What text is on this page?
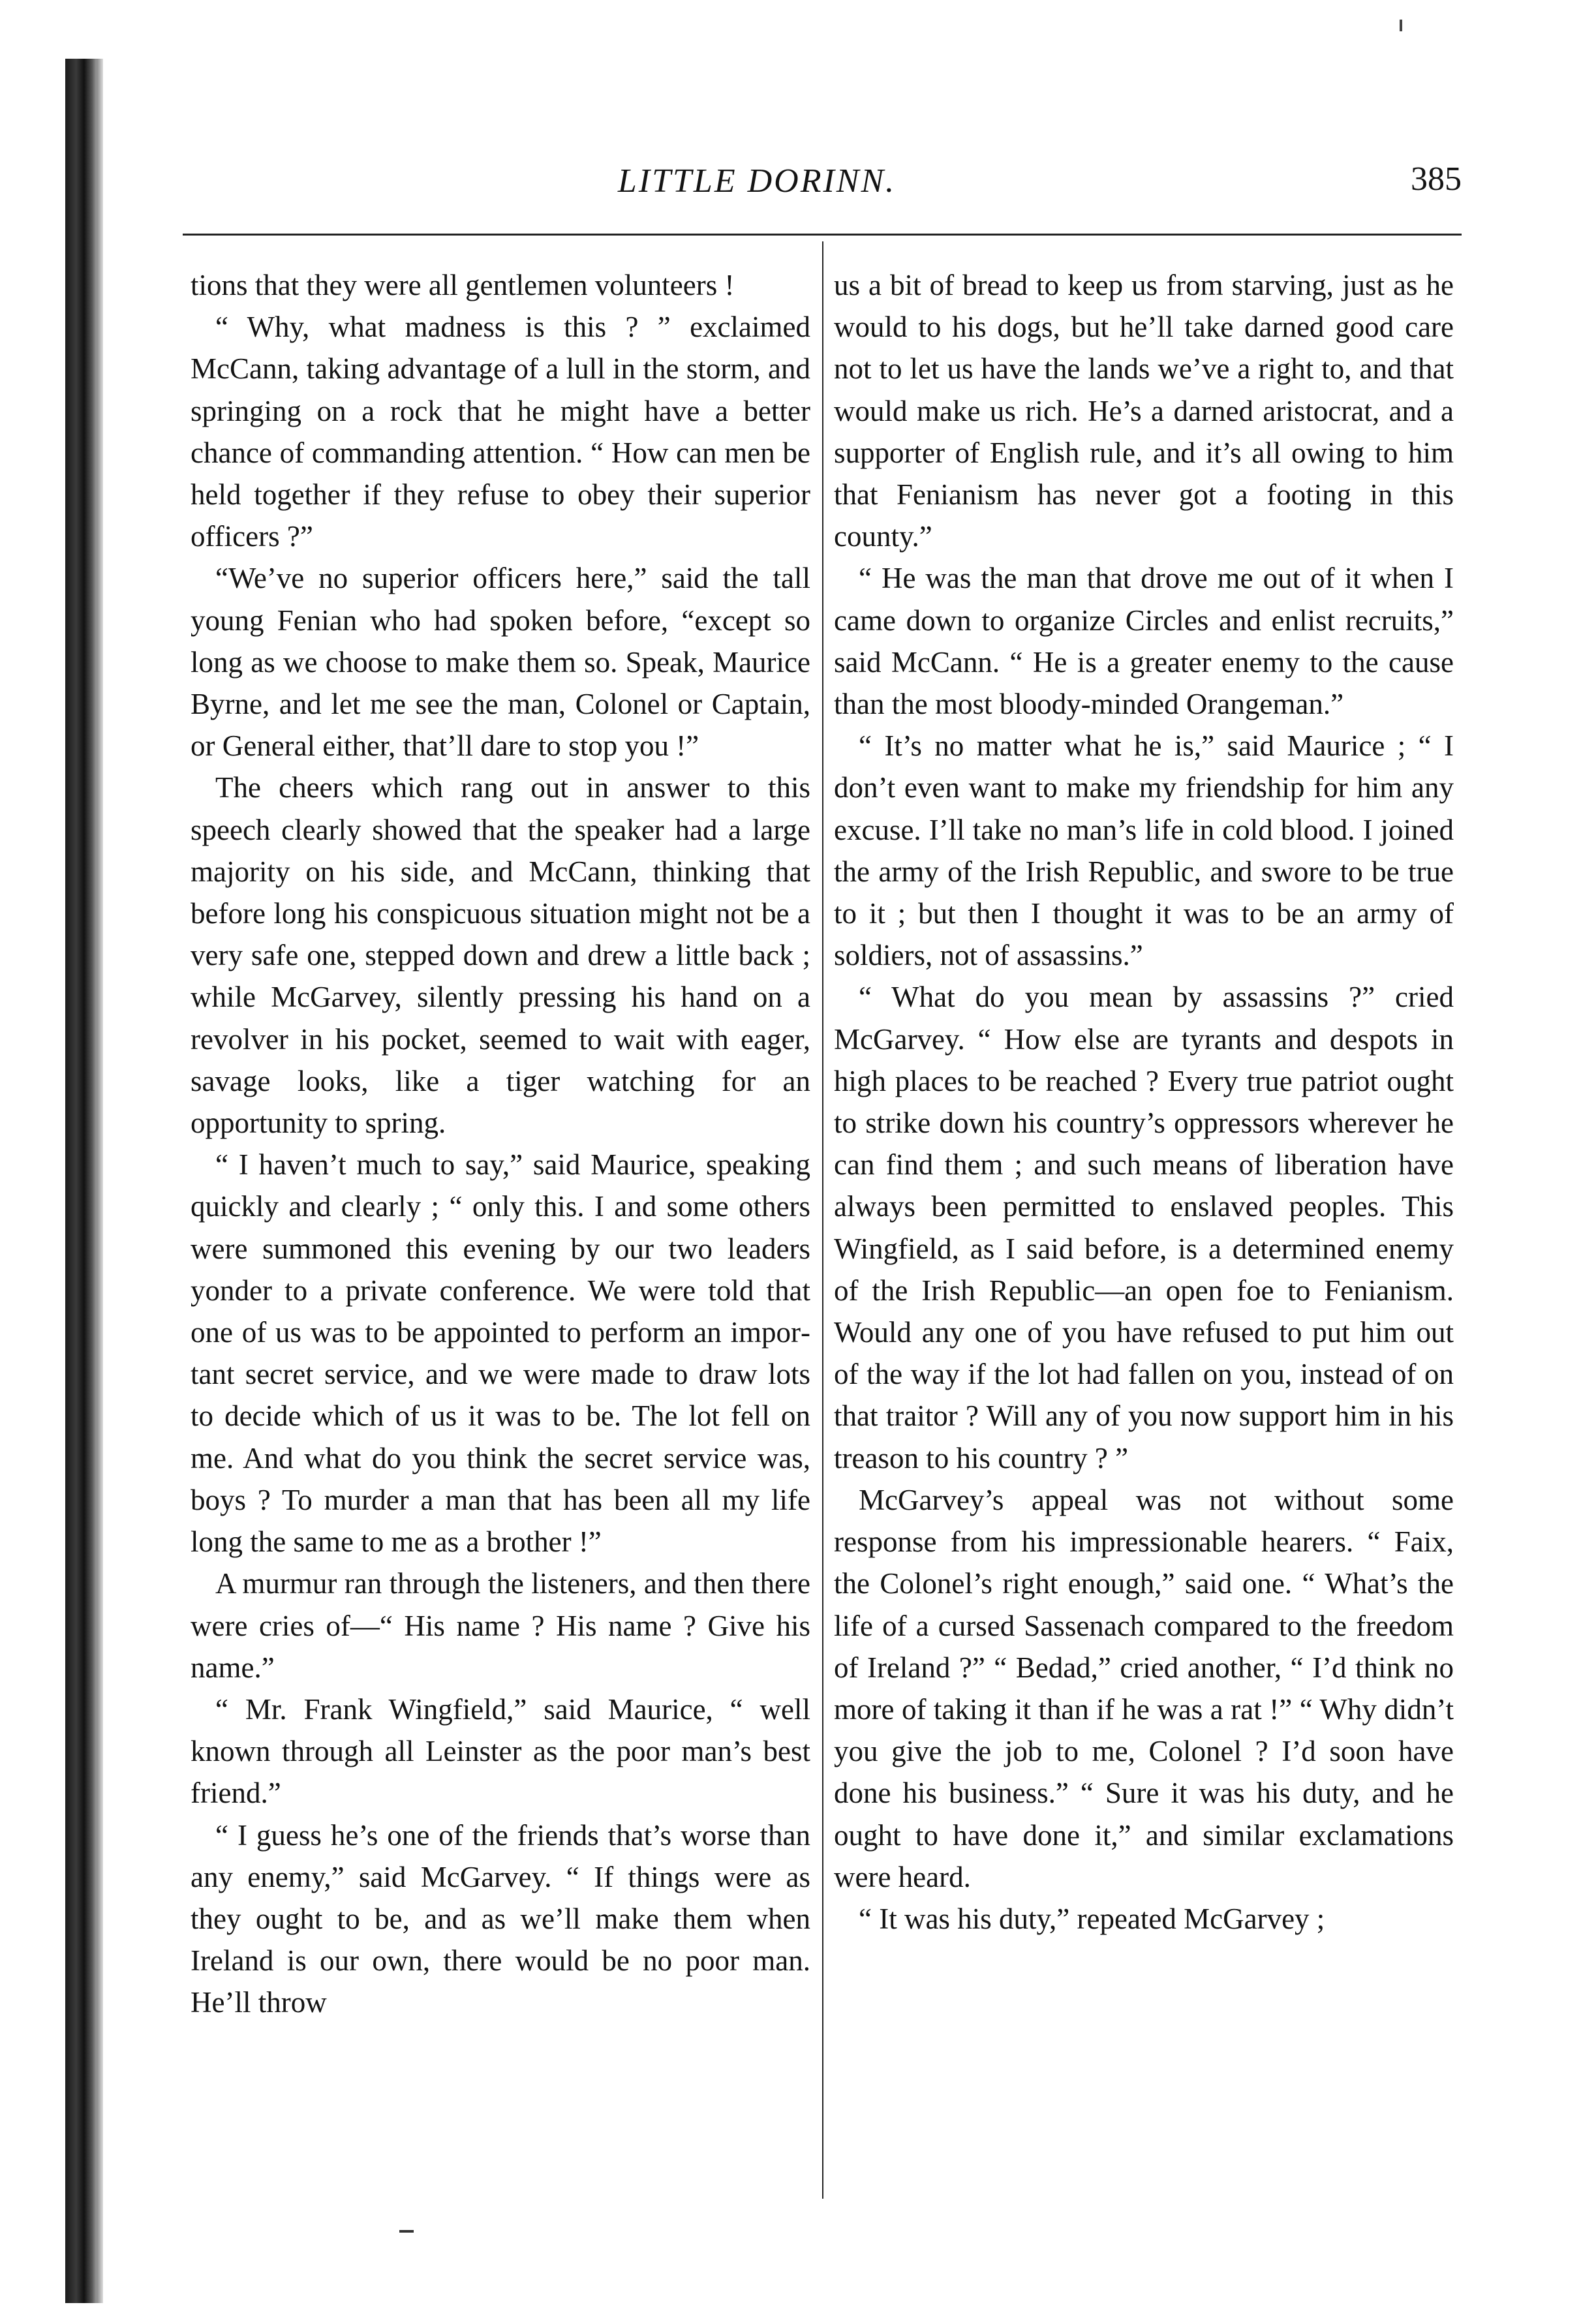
LITTLE DORINN.	385

tions that they were all gentlemen volunteers !

“ Why, what madness is this ? ” exclaimed McCann, taking advantage of a lull in the storm, and springing on a rock that he might have a better chance of commanding attention. “ How can men be held together if they refuse to obey their superior officers ?”

“We’ve no superior officers here,” said the tall young Fenian who had spoken before, “except so long as we choose to make them so. Speak, Maurice Byrne, and let me see the man, Colonel or Captain, or General either, that’ll dare to stop you !”

The cheers which rang out in answer to this speech clearly showed that the speaker had a large majority on his side, and McCann, thinking that before long his conspicuous situation might not be a very safe one, stepped down and drew a little back ; while McGarvey, silently pressing his hand on a revolver in his pocket, seemed to wait with eager, savage looks, like a tiger watching for an opportunity to spring.

“ I haven’t much to say,” said Maurice, speaking quickly and clearly ; “ only this. I and some others were summoned this evening by our two leaders yonder to a private conference. We were told that one of us was to be appointed to perform an important secret service, and we were made to draw lots to decide which of us it was to be. The lot fell on me. And what do you think the secret service was, boys ? To murder a man that has been all my life long the same to me as a brother !”

A murmur ran through the listeners, and then there were cries of—“ His name ? His name ? Give his name.”

“ Mr. Frank Wingfield,” said Maurice, “ well known through all Leinster as the poor man’s best friend.”

“ I guess he’s one of the friends that’s worse than any enemy,” said McGarvey. “ If things were as they ought to be, and as we’ll make them when Ireland is our own, there would be no poor man. He’ll throw

us a bit of bread to keep us from starving, just as he would to his dogs, but he’ll take darned good care not to let us have the lands we’ve a right to, and that would make us rich. He’s a darned aristocrat, and a supporter of English rule, and it’s all owing to him that Fenianism has never got a footing in this county.”

“ He was the man that drove me out of it when I came down to organize Circles and enlist recruits,” said McCann. “ He is a greater enemy to the cause than the most bloody-minded Orangeman.”

“ It’s no matter what he is,” said Maurice ; “ I don’t even want to make my friendship for him any excuse. I’ll take no man’s life in cold blood. I joined the army of the Irish Republic, and swore to be true to it ; but then I thought it was to be an army of soldiers, not of assassins.”

“ What do you mean by assassins ?” cried McGarvey. “ How else are tyrants and despots in high places to be reached ? Every true patriot ought to strike down his country’s oppressors wherever he can find them ; and such means of liberation have always been permitted to enslaved peoples. This Wingfield, as I said before, is a determined enemy of the Irish Republic—an open foe to Fenianism. Would any one of you have refused to put him out of the way if the lot had fallen on you, instead of on that traitor ? Will any of you now support him in his treason to his country ? ”

McGarvey’s appeal was not without some response from his impressionable hearers. “ Faix, the Colonel’s right enough,” said one. “ What’s the life of a cursed Sassenach compared to the freedom of Ireland ?” “ Bedad,” cried another, “ I’d think no more of taking it than if he was a rat !” “ Why didn’t you give the job to me, Colonel ? I’d soon have done his business.” “ Sure it was his duty, and he ought to have done it,” and similar exclamations were heard.

“ It was his duty,” repeated McGarvey ;
